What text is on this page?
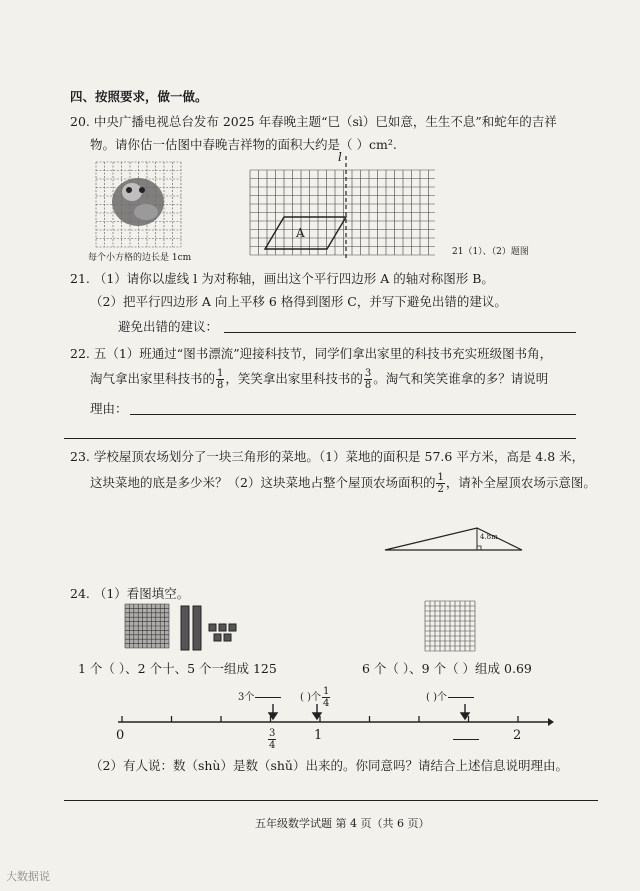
四、按照要求，做一做。
20. 中央广播电视总台发布 2025 年春晚主题“巳（sì）巳如意，生生不息”和蛇年的吉祥
物。请你估一估图中春晚吉祥物的面积大约是（ ）cm².
每个小方格的边长是 1cm
A
l
21（1）、（2）题图
21. （1）请你以虚线 l 为对称轴，画出这个平行四边形 A 的轴对称图形 B。
（2）把平行四边形 A 向上平移 6 格得到图形 C，并写下避免出错的建议。
避免出错的建议：
22. 五（1）班通过“图书漂流”迎接科技节，同学们拿出家里的科技书充实班级图书角，
淘气拿出家里科技书的 $\frac{1}{8}$ ，笑笑拿出家里科技书的 $\frac{3}{8}$ 。淘气和笑笑谁拿的多？请说明
理由：
23. 学校屋顶农场划分了一块三角形的菜地。（1）菜地的面积是 57.6 平方米，高是 4.8 米，
这块菜地的底是多少米？（2）这块菜地占整个屋顶农场面积的 $\frac{1}{2}$ ，请补全屋顶农场示意图。
4.8m
24. （1）看图填空。
1 个（ ）、2 个十、5 个一组成 125	6 个（ ）、9 个（ ）组成 0.69
3个

	( )个 $\frac{1}{4}$	( )个

0	$\frac{3}{4}$	1

	2
（2）有人说：数（shù）是数（shǔ）出来的。你同意吗？请结合上述信息说明理由。
五年级数学试题 第 4 页（共 6 页）
大数据说
